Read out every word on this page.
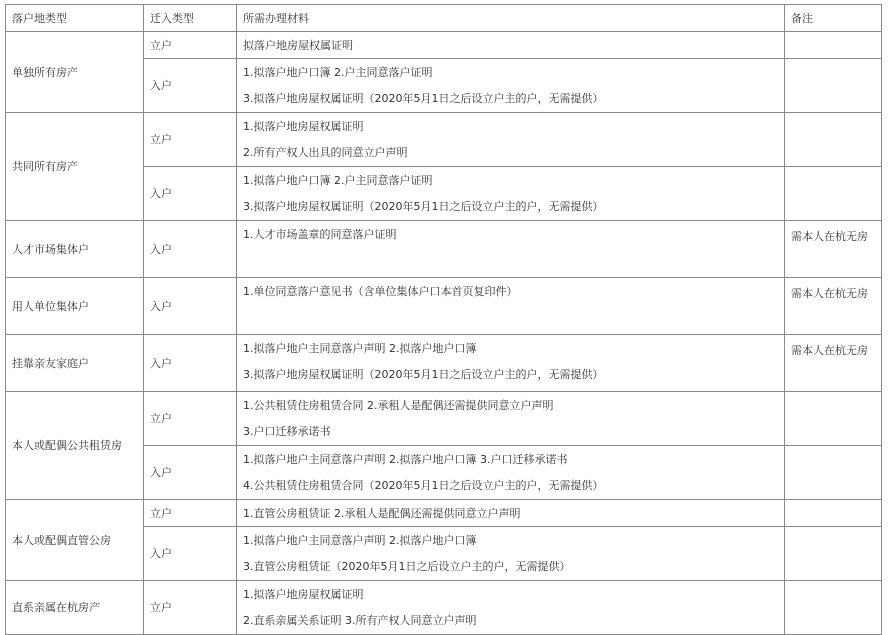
落户地类型	迁入类型	所需办理材料	备注
单独所有房产	立户	拟落户地房屋权属证明	
	入户	1.拟落户地户口簿 2.户主同意落户证明
3.拟落户地房屋权属证明（2020年5月1日之后设立户主的户，无需提供）	

共同所有房产	立户	1.拟落户地房屋权属证明
2.所有产权人出具的同意立户声明	

	入户	1.拟落户地户口簿 2.户主同意落户证明
3.拟落户地房屋权属证明（2020年5月1日之后设立户主的户，无需提供）	

人才市场集体户	入户	1.人才市场盖章的同意落户证明	需本人在杭无房
用人单位集体户	入户	1.单位同意落户意见书（含单位集体户口本首页复印件）	需本人在杭无房
挂靠亲友家庭户	入户	1.拟落户地户主同意落户声明 2.拟落户地户口簿
3.拟落户地房屋权属证明（2020年5月1日之后设立户主的户，无需提供）	需本人在杭无房
本人或配偶公共租赁房	立户	1.公共租赁住房租赁合同 2.承租人是配偶还需提供同意立户声明
3.户口迁移承诺书	

	入户	1.拟落户地户主同意落户声明 2.拟落户地户口簿 3.户口迁移承诺书
4.公共租赁住房租赁合同（2020年5月1日之后设立户主的户，无需提供）	

本人或配偶直管公房	立户	1.直管公房租赁证 2.承租人是配偶还需提供同意立户声明	
	入户	1.拟落户地户主同意落户声明 2.拟落户地户口簿
3.直管公房租赁证（2020年5月1日之后设立户主的户，无需提供）	

直系亲属在杭房产	立户	1.拟落户地房屋权属证明
2.直系亲属关系证明 3.所有产权人同意立户声明	
